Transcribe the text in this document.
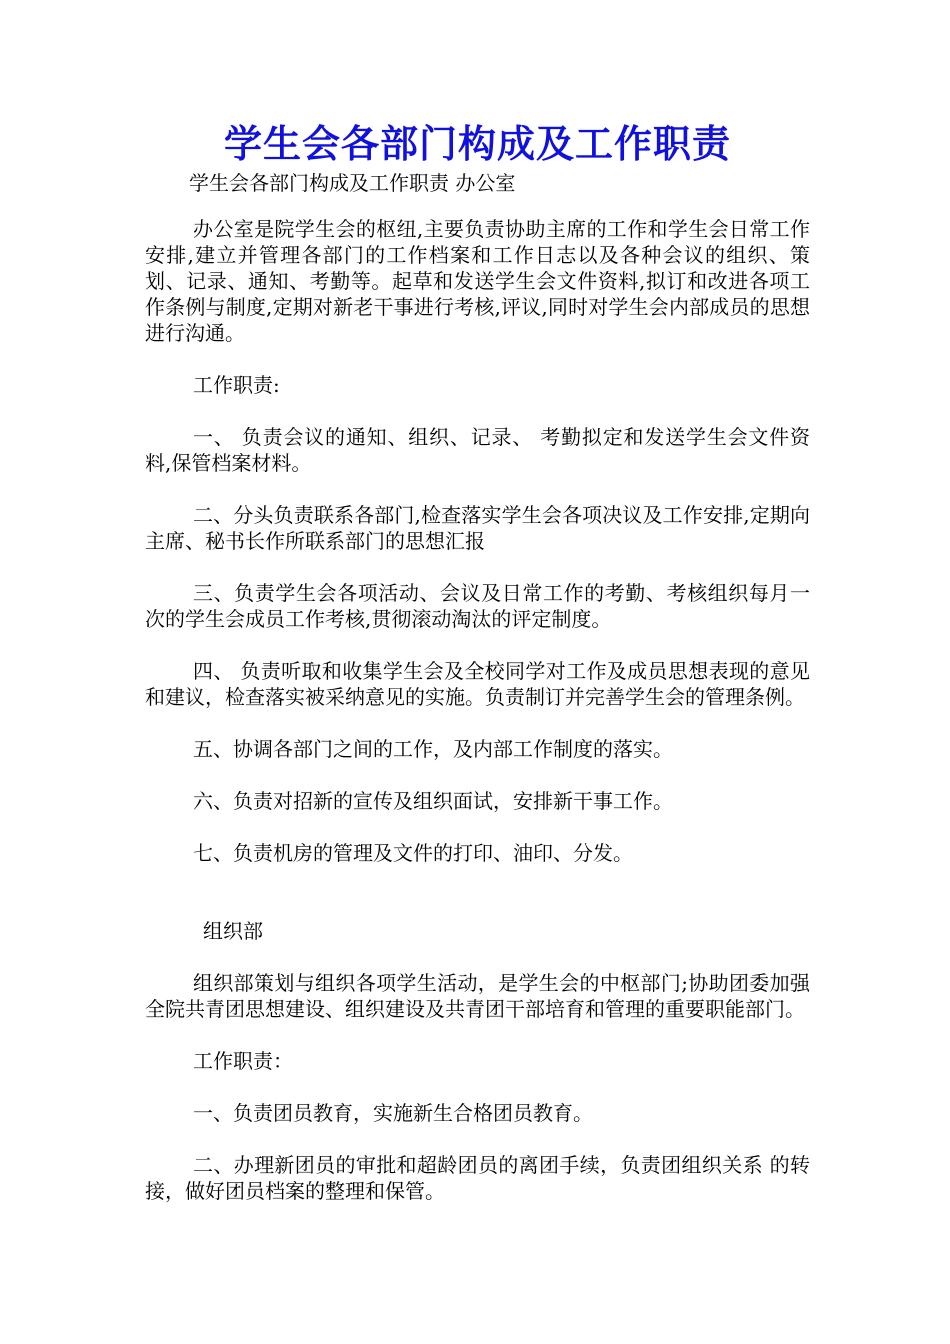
学生会各部门构成及工作职责

学生会各部门构成及工作职责 办公室

办公室是院学生会的枢纽,主要负责协助主席的工作和学生会日常工作安排,建立并管理各部门的工作档案和工作日志以及各种会议的组织、策划、记录、通知、考勤等。起草和发送学生会文件资料,拟订和改进各项工作条例与制度,定期对新老干事进行考核,评议,同时对学生会内部成员的思想进行沟通。

工作职责:

一、 负责会议的通知、组织、记录、 考勤拟定和发送学生会文件资料,保管档案材料。

二、分头负责联系各部门,检查落实学生会各项决议及工作安排,定期向主席、秘书长作所联系部门的思想汇报

三、负责学生会各项活动、会议及日常工作的考勤、考核组织每月一次的学生会成员工作考核,贯彻滚动淘汰的评定制度。

四、 负责听取和收集学生会及全校同学对工作及成员思想表现的意见和建议，检查落实被采纳意见的实施。负责制订并完善学生会的管理条例。

五、协调各部门之间的工作，及内部工作制度的落实。

六、负责对招新的宣传及组织面试，安排新干事工作。

七、负责机房的管理及文件的打印、油印、分发。

组织部

组织部策划与组织各项学生活动，是学生会的中枢部门;协助团委加强全院共青团思想建设、组织建设及共青团干部培育和管理的重要职能部门。

工作职责：

一、负责团员教育，实施新生合格团员教育。

二、办理新团员的审批和超龄团员的离团手续，负责团组织关系 的转接，做好团员档案的整理和保管。
